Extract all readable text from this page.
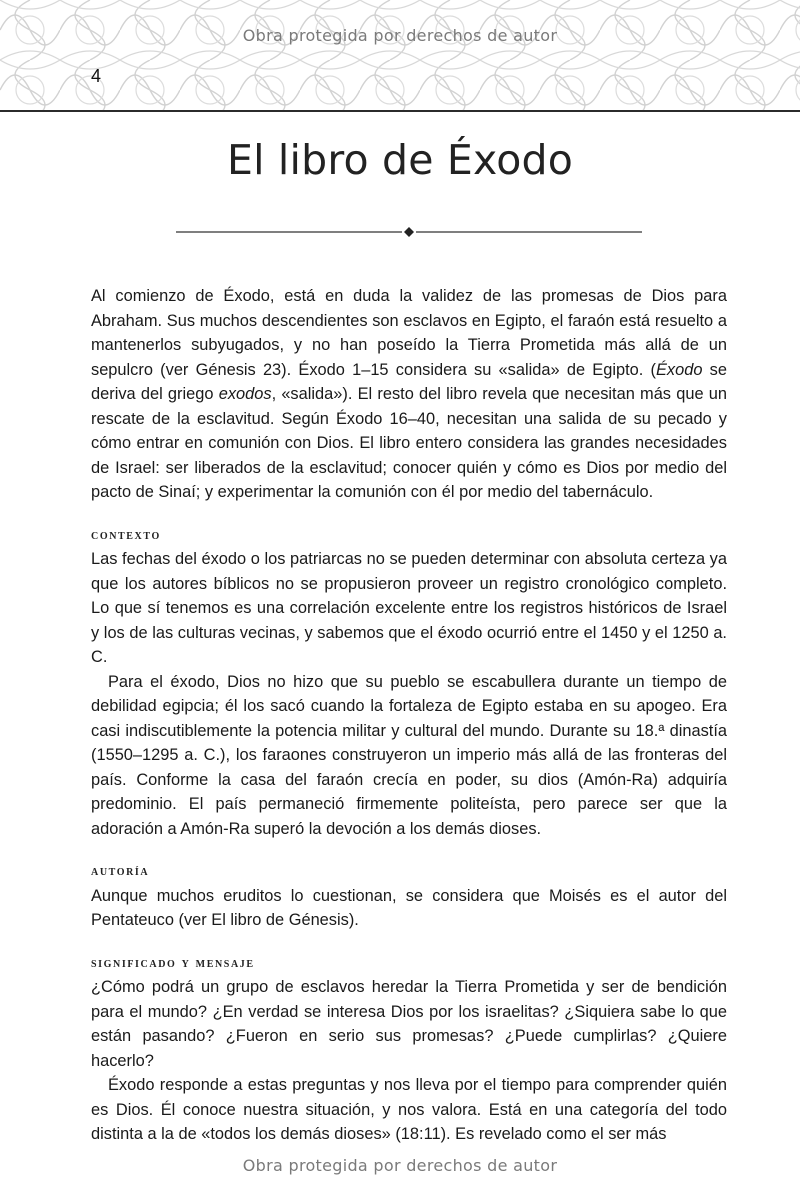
Obra protegida por derechos de autor
4
El libro de Éxodo

Al comienzo de Éxodo, está en duda la validez de las promesas de Dios para Abraham. Sus muchos descendientes son esclavos en Egipto, el faraón está resuelto a mantenerlos subyugados, y no han poseído la Tierra Prometida más allá de un sepulcro (ver Génesis 23). Éxodo 1–15 considera su «salida» de Egipto. (Éxodo se deriva del griego exodos, «salida»). El resto del libro revela que necesitan más que un rescate de la esclavitud. Según Éxodo 16–40, necesitan una salida de su pecado y cómo entrar en comunión con Dios. El libro entero considera las grandes necesidades de Israel: ser liberados de la esclavitud; conocer quién y cómo es Dios por medio del pacto de Sinaí; y experimentar la comunión con él por medio del tabernáculo.

contexto

Las fechas del éxodo o los patriarcas no se pueden determinar con absoluta certeza ya que los autores bíblicos no se propusieron proveer un registro cronológico completo. Lo que sí tenemos es una correlación excelente entre los registros históricos de Israel y los de las culturas vecinas, y sabemos que el éxodo ocurrió entre el 1450 y el 1250 a. C.

Para el éxodo, Dios no hizo que su pueblo se escabullera durante un tiempo de debilidad egipcia; él los sacó cuando la fortaleza de Egipto estaba en su apogeo. Era casi indiscutiblemente la potencia militar y cultural del mundo. Durante su 18.ª dinastía (1550–1295 a. C.), los faraones construyeron un imperio más allá de las fronteras del país. Conforme la casa del faraón crecía en poder, su dios (Amón-Ra) adquiría predominio. El país permaneció firmemente politeísta, pero parece ser que la adoración a Amón-Ra superó la devoción a los demás dioses.

autoría

Aunque muchos eruditos lo cuestionan, se considera que Moisés es el autor del Pentateuco (ver El libro de Génesis).

significado y mensaje

¿Cómo podrá un grupo de esclavos heredar la Tierra Prometida y ser de bendición para el mundo? ¿En verdad se interesa Dios por los israelitas? ¿Siquiera sabe lo que están pasando? ¿Fueron en serio sus promesas? ¿Puede cumplirlas? ¿Quiere hacerlo?

Éxodo responde a estas preguntas y nos lleva por el tiempo para comprender quién es Dios. Él conoce nuestra situación, y nos valora. Está en una categoría del todo distinta a la de «todos los demás dioses» (18:11). Es revelado como el ser más

Obra protegida por derechos de autor
